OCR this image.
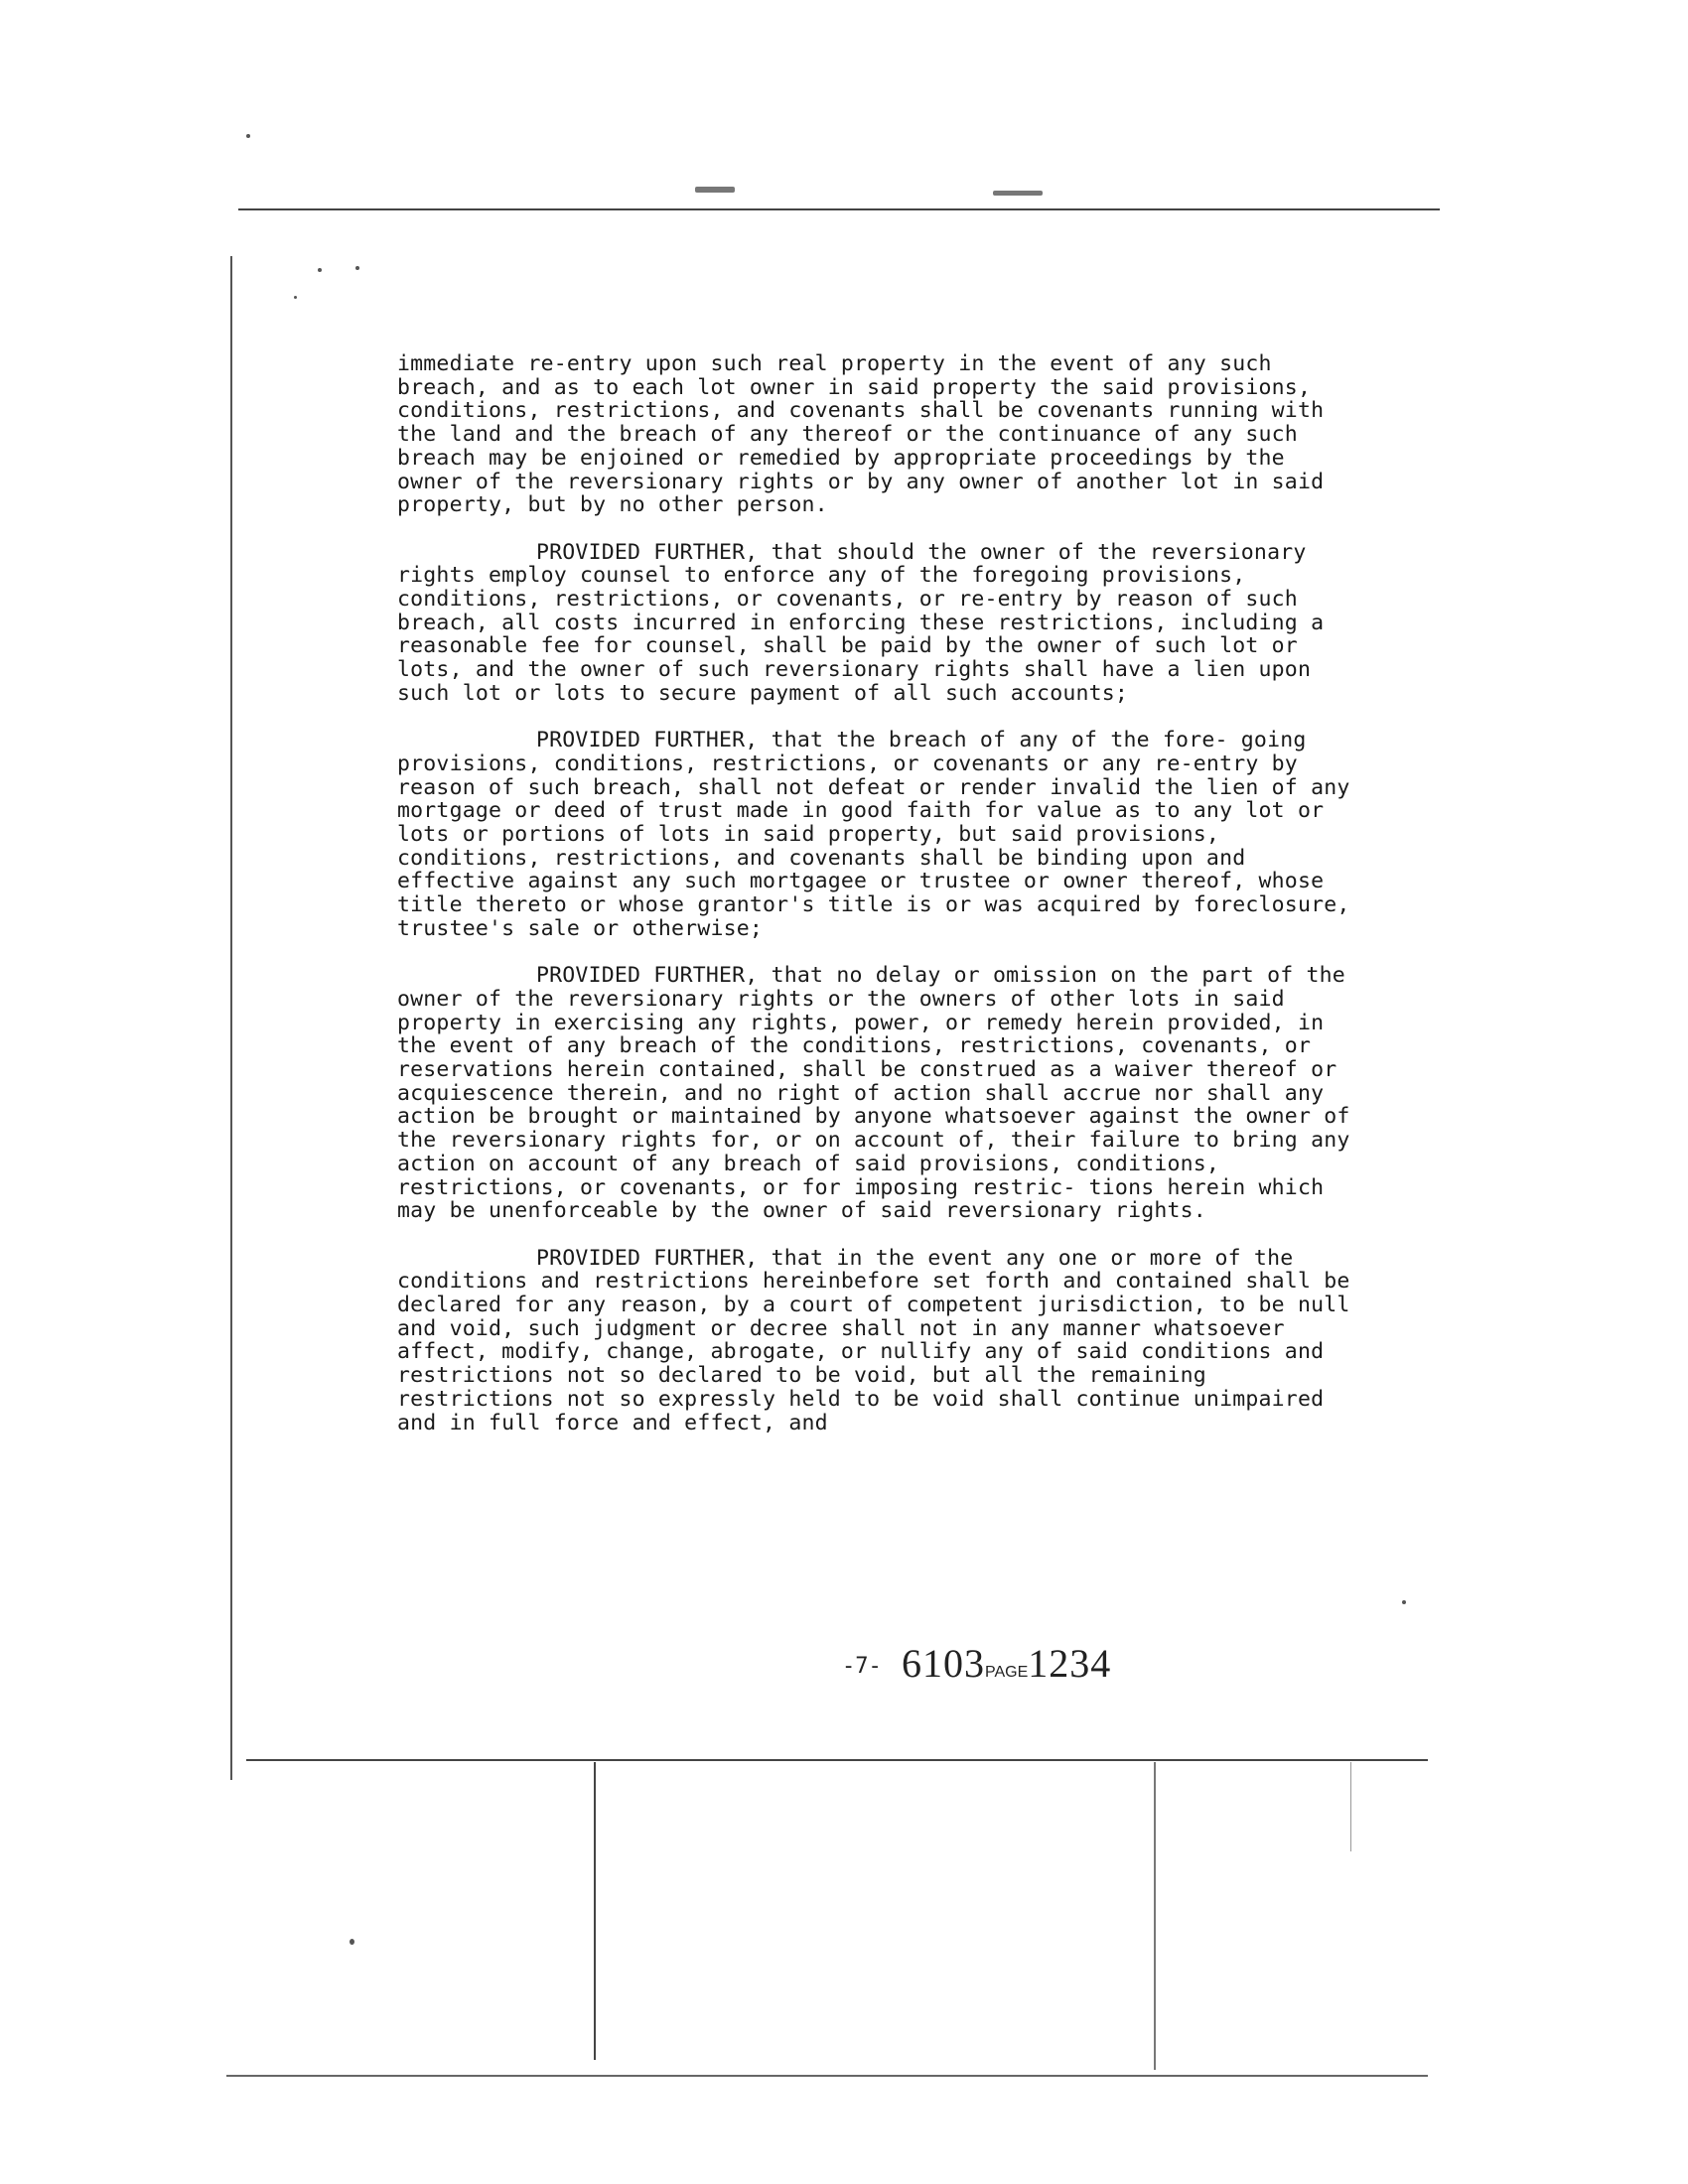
immediate re-entry upon such real property in the event of any such breach, and as to each lot owner in said property the said provisions, conditions, restrictions, and covenants shall be covenants running with the land and the breach of any thereof or the continuance of any such breach may be enjoined or remedied by appropriate proceedings by the owner of the reversionary rights or by any owner of another lot in said property, but by no other person.

PROVIDED FURTHER, that should the owner of the reversionary rights employ counsel to enforce any of the foregoing provisions, conditions, restrictions, or covenants, or re-entry by reason of such breach, all costs incurred in enforcing these restrictions, including a reasonable fee for counsel, shall be paid by the owner of such lot or lots, and the owner of such reversionary rights shall have a lien upon such lot or lots to secure payment of all such accounts;

PROVIDED FURTHER, that the breach of any of the fore- going provisions, conditions, restrictions, or covenants or any re-entry by reason of such breach, shall not defeat or render invalid the lien of any mortgage or deed of trust made in good faith for value as to any lot or lots or portions of lots in said property, but said provisions, conditions, restrictions, and covenants shall be binding upon and effective against any such mortgagee or trustee or owner thereof, whose title thereto or whose grantor's title is or was acquired by foreclosure, trustee's sale or otherwise;

PROVIDED FURTHER, that no delay or omission on the part of the owner of the reversionary rights or the owners of other lots in said property in exercising any rights, power, or remedy herein provided, in the event of any breach of the conditions, restrictions, covenants, or reservations herein contained, shall be construed as a waiver thereof or acquiescence therein, and no right of action shall accrue nor shall any action be brought or maintained by anyone whatsoever against the owner of the reversionary rights for, or on account of, their failure to bring any action on account of any breach of said provisions, conditions, restrictions, or covenants, or for imposing restric- tions herein which may be unenforceable by the owner of said reversionary rights.

PROVIDED FURTHER, that in the event any one or more of the conditions and restrictions hereinbefore set forth and contained shall be declared for any reason, by a court of competent jurisdiction, to be null and void, such judgment or decree shall not in any manner whatsoever affect, modify, change, abrogate, or nullify any of said conditions and restrictions not so declared to be void, but all the remaining restrictions not so expressly held to be void shall continue unimpaired and in full force and effect, and

-7- 6103PAGE1234
